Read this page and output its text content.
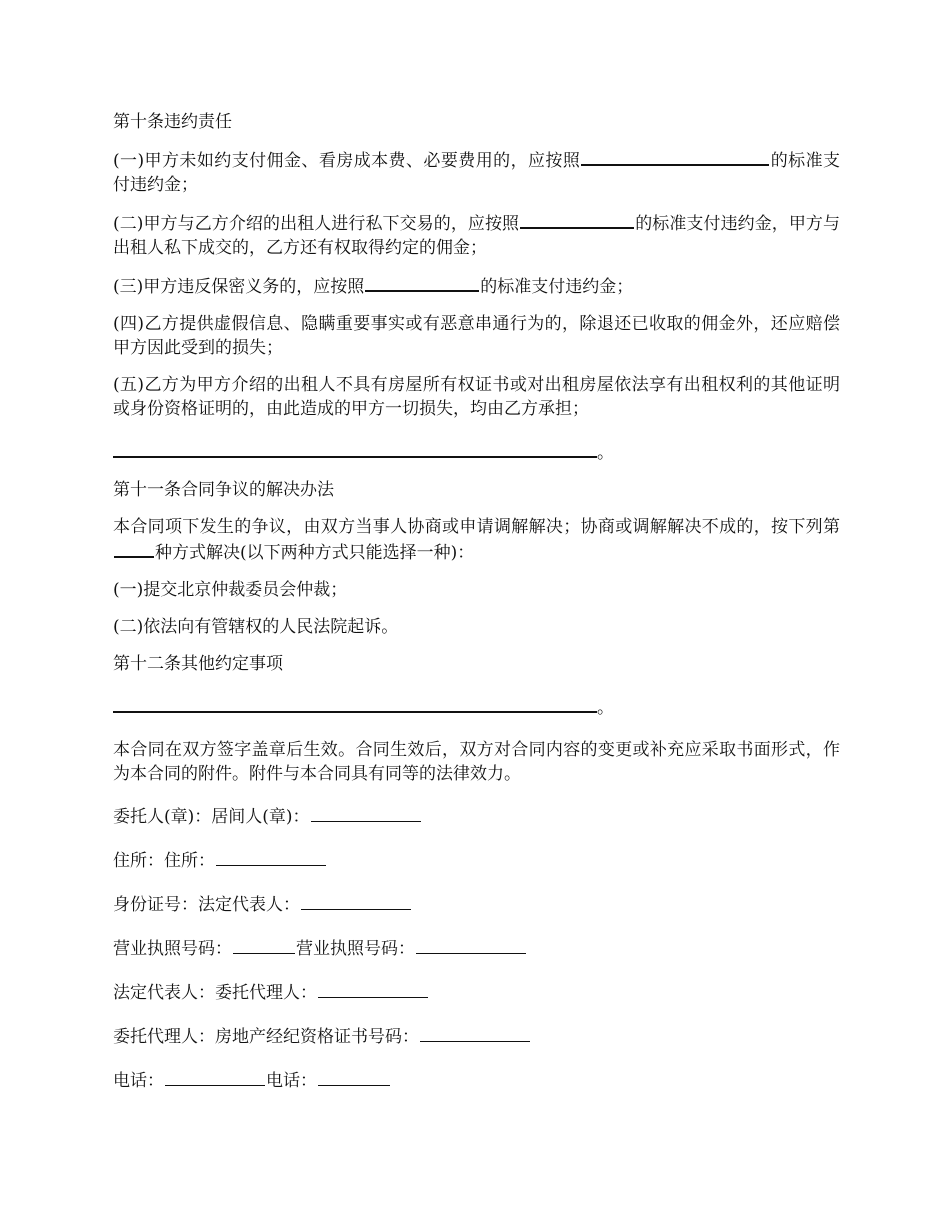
第十条违约责任

(一)甲方未如约支付佣金、看房成本费、必要费用的，应按照	的标准支付违约金；

(二)甲方与乙方介绍的出租人进行私下交易的，应按照	的标准支付违约金，甲方与出租人私下成交的，乙方还有权取得约定的佣金；

(三)甲方违反保密义务的，应按照	的标准支付违约金；

(四)乙方提供虚假信息、隐瞒重要事实或有恶意串通行为的，除退还已收取的佣金外，还应赔偿甲方因此受到的损失；

(五)乙方为甲方介绍的出租人不具有房屋所有权证书或对出租房屋依法享有出租权利的其他证明或身份资格证明的，由此造成的甲方一切损失，均由乙方承担；

。

第十一条合同争议的解决办法

本合同项下发生的争议，由双方当事人协商或申请调解解决；协商或调解解决不成的，按下列第种方式解决(以下两种方式只能选择一种)：

(一)提交北京仲裁委员会仲裁；

(二)依法向有管辖权的人民法院起诉。

第十二条其他约定事项

。

本合同在双方签字盖章后生效。合同生效后，双方对合同内容的变更或补充应采取书面形式，作为本合同的附件。附件与本合同具有同等的法律效力。

委托人(章)：居间人(章)：

住所：住所：

身份证号：法定代表人：

营业执照号码：	营业执照号码：

法定代表人：委托代理人：

委托代理人：房地产经纪资格证书号码：

电话：	电话：
